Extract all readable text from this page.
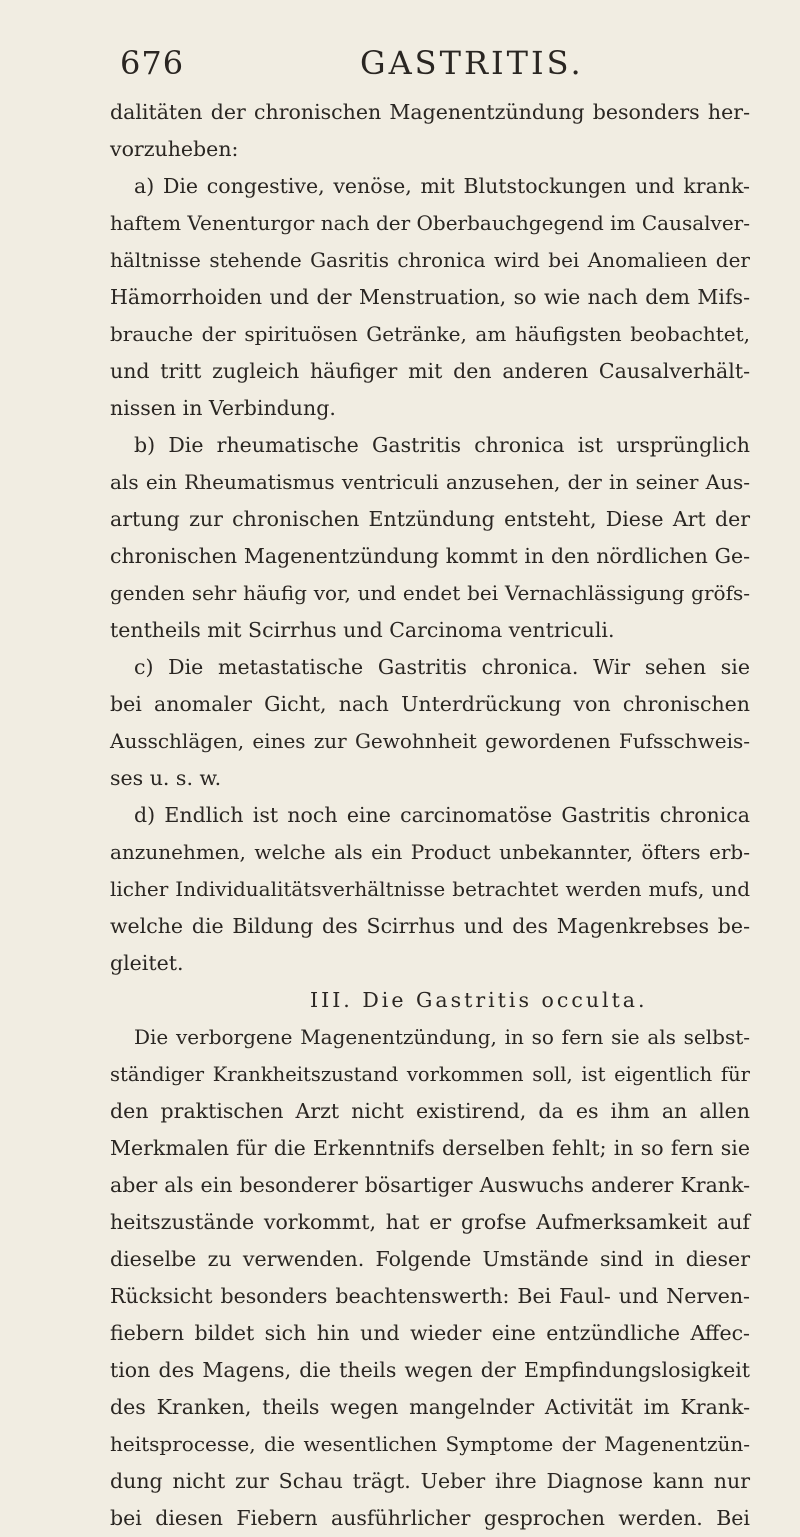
676	GASTRITIS.
dalitäten der chronischen Magenentzündung besonders her-
vorzuheben:
a) Die congestive, venöse, mit Blutstockungen und krank-
haftem Venenturgor nach der Oberbauchgegend im Causalver-
hältnisse stehende Gasritis chronica wird bei Anomalieen der
Hämorrhoiden und der Menstruation, so wie nach dem Mifs-
brauche der spirituösen Getränke, am häufigsten beobachtet,
und tritt zugleich häufiger mit den anderen Causalverhält-
nissen in Verbindung.
b) Die rheumatische Gastritis chronica ist ursprünglich
als ein Rheumatismus ventriculi anzusehen, der in seiner Aus-
artung zur chronischen Entzündung entsteht, Diese Art der
chronischen Magenentzündung kommt in den nördlichen Ge-
genden sehr häufig vor, und endet bei Vernachlässigung gröfs-
tentheils mit Scirrhus und Carcinoma ventriculi.
c) Die metastatische Gastritis chronica. Wir sehen sie
bei anomaler Gicht, nach Unterdrückung von chronischen
Ausschlägen, eines zur Gewohnheit gewordenen Fufsschweis-
ses u. s. w.
d) Endlich ist noch eine carcinomatöse Gastritis chronica
anzunehmen, welche als ein Product unbekannter, öfters erb-
licher Individualitätsverhältnisse betrachtet werden mufs, und
welche die Bildung des Scirrhus und des Magenkrebses be-
gleitet.
III. Die Gastritis occulta.
Die verborgene Magenentzündung, in so fern sie als selbst-
ständiger Krankheitszustand vorkommen soll, ist eigentlich für
den praktischen Arzt nicht existirend, da es ihm an allen
Merkmalen für die Erkenntnifs derselben fehlt; in so fern sie
aber als ein besonderer bösartiger Auswuchs anderer Krank-
heitszustände vorkommt, hat er grofse Aufmerksamkeit auf
dieselbe zu verwenden. Folgende Umstände sind in dieser
Rücksicht besonders beachtenswerth: Bei Faul- und Nerven-
fiebern bildet sich hin und wieder eine entzündliche Affec-
tion des Magens, die theils wegen der Empfindungslosigkeit
des Kranken, theils wegen mangelnder Activität im Krank-
heitsprocesse, die wesentlichen Symptome der Magenentzün-
dung nicht zur Schau trägt. Ueber ihre Diagnose kann nur
bei diesen Fiebern ausführlicher gesprochen werden. Bei
